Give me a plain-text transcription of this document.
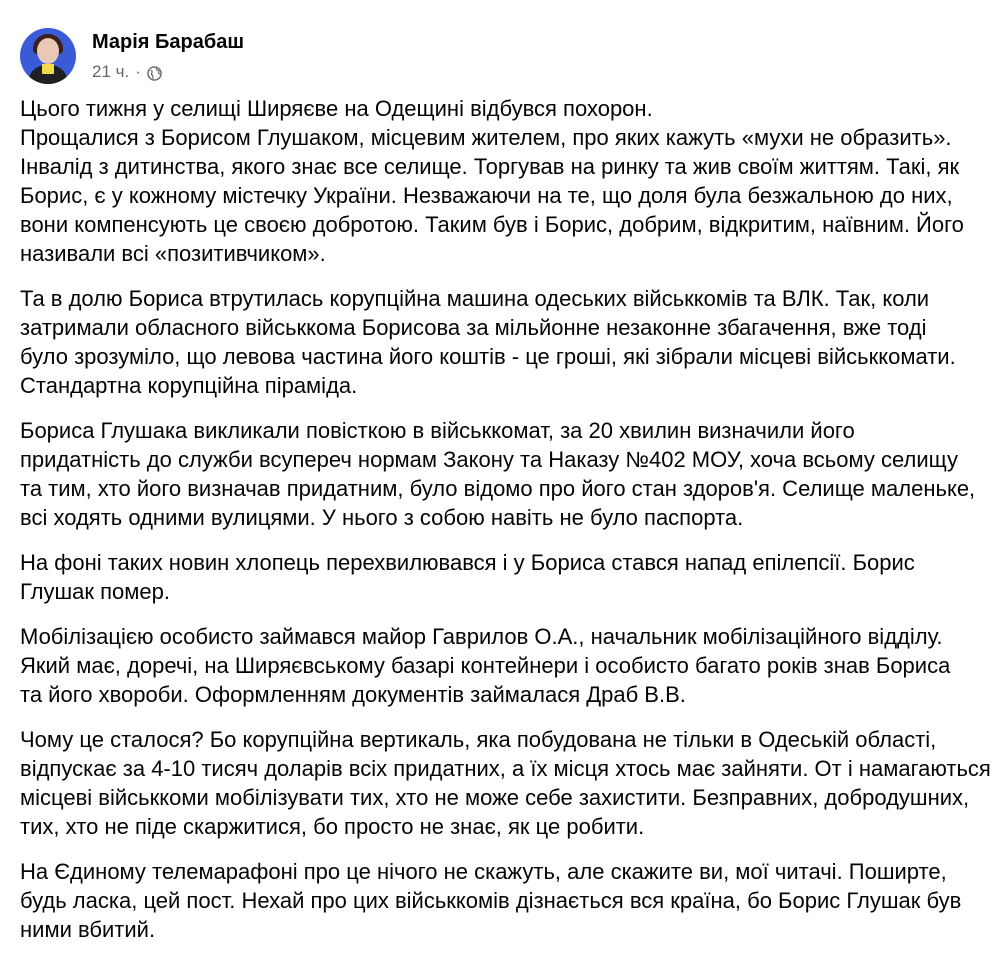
Марія Барабаш
21 ч. ·
Цього тижня у селищі Ширяєве на Одещині відбувся похорон.
Прощалися з Борисом Глушаком, місцевим жителем, про яких кажуть «мухи не образить».
Інвалід з дитинства, якого знає все селище. Торгував на ринку та жив своїм життям. Такі, як
Борис, є у кожному містечку України. Незважаючи на те, що доля була безжальною до них,
вони компенсують це своєю добротою. Таким був і Борис, добрим, відкритим, наївним. Його
називали всі «позитивчиком».
Та в долю Бориса втрутилась корупційна машина одеських військкомів та ВЛК. Так, коли
затримали обласного військкома Борисова за мільйонне незаконне збагачення, вже тоді
було зрозуміло, що левова частина його коштів - це гроші, які зібрали місцеві військкомати.
Стандартна корупційна піраміда.
Бориса Глушака викликали повісткою в військкомат, за 20 хвилин визначили його
придатність до служби всупереч нормам Закону та Наказу №402 МОУ, хоча всьому селищу
та тим, хто його визначав придатним, було відомо про його стан здоров'я. Селище маленьке,
всі ходять одними вулицями. У нього з собою навіть не було паспорта.
На фоні таких новин хлопець перехвилювався і у Бориса стався напад епілепсії. Борис
Глушак помер.
Мобілізацією особисто займався майор Гаврилов О.А., начальник мобілізаційного відділу.
Який має, доречі, на Ширяєвському базарі контейнери і особисто багато років знав Бориса
та його хвороби. Оформленням документів займалася Драб В.В.
Чому це сталося? Бо корупційна вертикаль, яка побудована не тільки в Одеській області,
відпускає за 4-10 тисяч доларів всіх придатних, а їх місця хтось має зайняти. От і намагаються
місцеві військкоми мобілізувати тих, хто не може себе захистити. Безправних, добродушних,
тих, хто не піде скаржитися, бо просто не знає, як це робити.
На Єдиному телемарафоні про це нічого не скажуть, але скажите ви, мої читачі. Поширте,
будь ласка, цей пост. Нехай про цих військкомів дізнається вся країна, бо Борис Глушак був
ними вбитий.
